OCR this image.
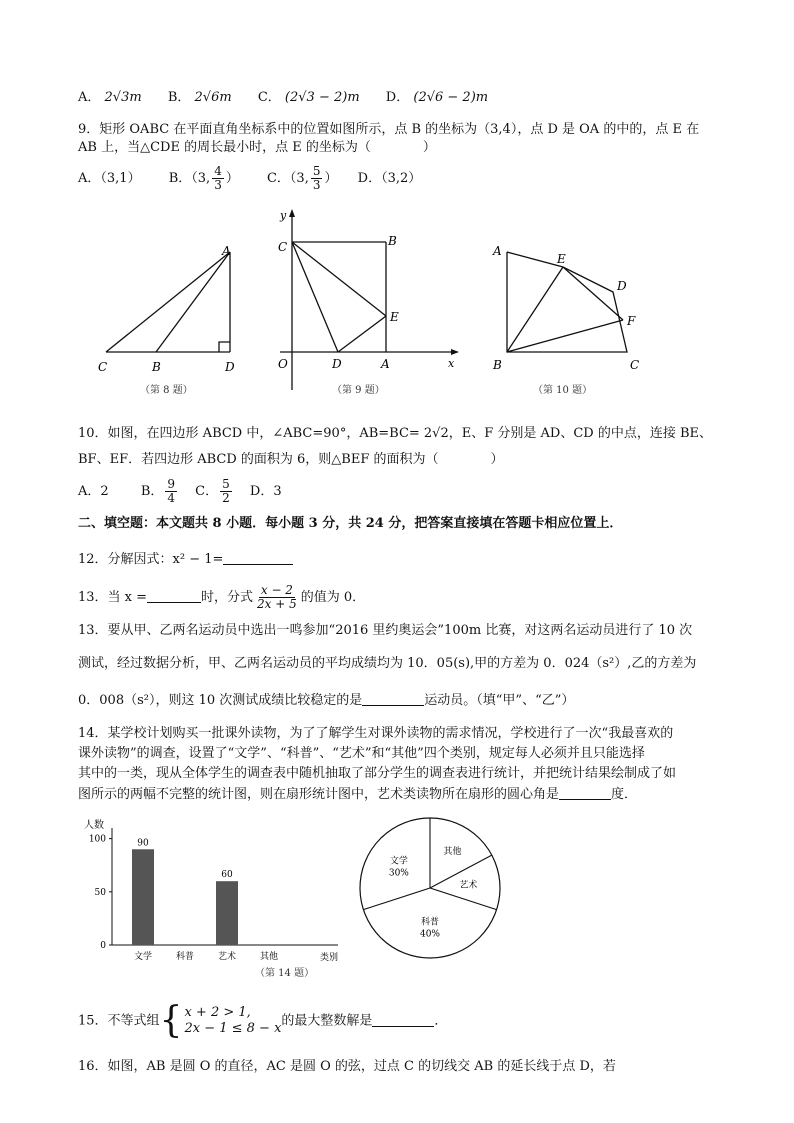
A． 2√3m B． 2√6m C． (2√3 − 2)m D． (2√6 − 2)m
9．矩形 OABC 在平面直角坐标系中的位置如图所示，点 B 的坐标为（3,4），点 D 是 OA 的中的，点 E 在
AB 上，当△CDE 的周长最小时，点 E 的坐标为（　　　　）
A．（3,1） B．（3, $\frac{4}{3}$ ） C．（3, $\frac{5}{3}$ ） D．（3,2）
A
C	B	D
（第 8 题）
y
C	B
E
O	D	A	x
（第 9 题）
A
E
D
F
B	C
（第 10 题）
10．如图，在四边形 ABCD 中，∠ABC=90°，AB=BC= 2√2，E、F 分别是 AD、CD 的中点，连接 BE、
BF、EF．若四边形 ABCD 的面积为 6，则△BEF 的面积为（　　　　）
A．2 B． $\frac{9}{4}$ C． $\frac{5}{2}$ D．3
二、填空题：本文题共 8 小题．每小题 3 分，共 24 分，把答案直接填在答题卡相应位置上．
12．分解因式：x² − 1=
13．当 x =	时，分式 $\frac{x - 2}{2x + 5}$ 的值为 0．
13．要从甲、乙两名运动员中选出一鸣参加“2016 里约奥运会”100m 比赛，对这两名运动员进行了 10 次
测试，经过数据分析，甲、乙两名运动员的平均成绩均为 10．05(s),甲的方差为 0．024（s²）,乙的方差为
0．008（s²），则这 10 次测试成绩比较稳定的是	运动员。（填“甲”、“乙”）
14．某学校计划购买一批课外读物，为了了解学生对课外读物的需求情况，学校进行了一次“我最喜欢的
课外读物”的调查，设置了“文学”、“科普”、“艺术”和“其他”四个类别，规定每人必须并且只能选择
其中的一类，现从全体学生的调查表中随机抽取了部分学生的调查表进行统计，并把统计结果绘制成了如
图所示的两幅不完整的统计图，则在扇形统计图中，艺术类读物所在扇形的圆心角是	度．
人数
类别
（第 14 题）
0
50
100
文学
90
科普	艺术
60
其他
文学
30%
其他
艺术
科普
40%
15．不等式组 { x + 2 > 1,
2x − 1 ≤ 8 − x 的最大整数解是	．
16．如图，AB 是圆 O 的直径，AC 是圆 O 的弦，过点 C 的切线交 AB 的延长线于点 D，若
